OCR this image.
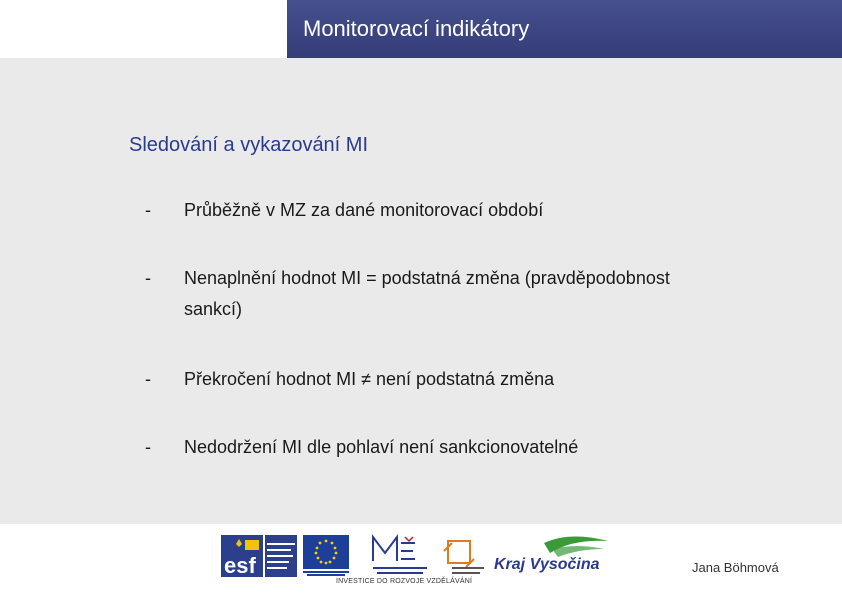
Monitorovací indikátory
Sledování a vykazování MI
-	Průběžně v MZ za dané monitorovací období
-	Nenaplnění hodnot MI = podstatná změna (pravděpodobnost sankcí)
-	Překročení hodnot MI ≠ není podstatná změna
-	Nedodržení MI dle pohlaví není sankcionovatelné
esf	Kraj Vysočina
INVESTICE DO ROZVOJE VZDĚLÁVÁNÍ
Jana Böhmová
